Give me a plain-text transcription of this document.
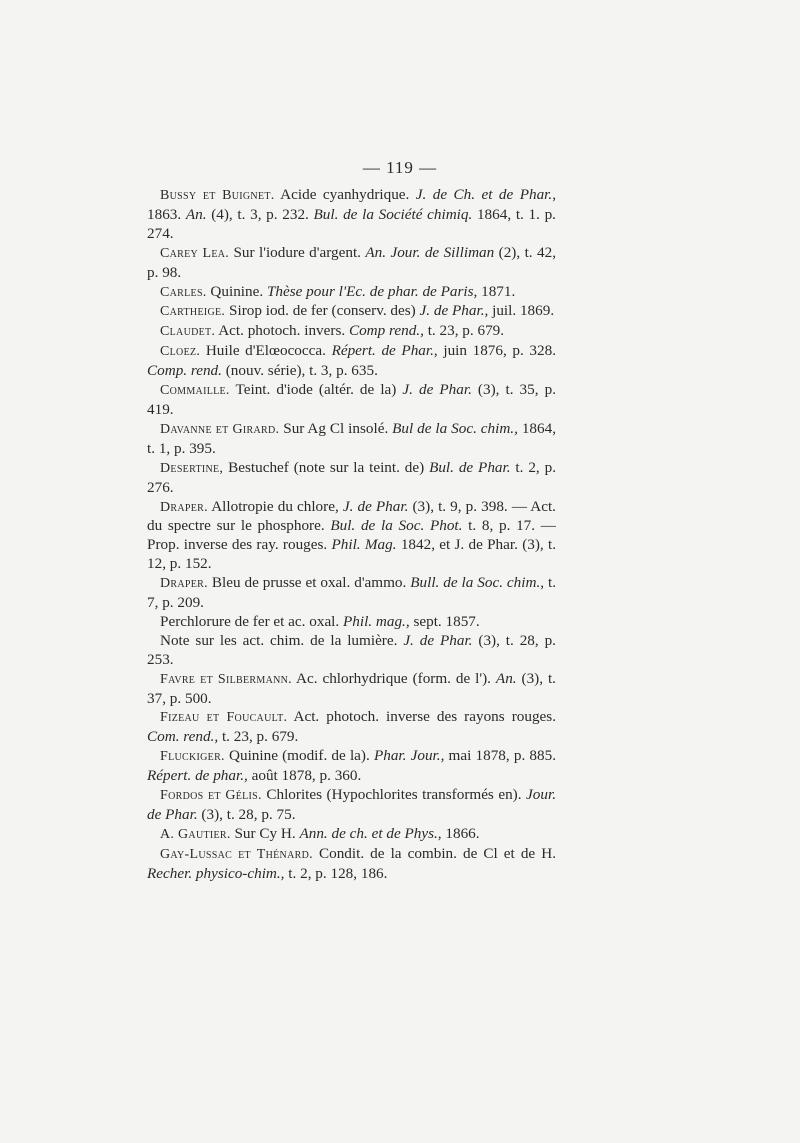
— 119 —

Bussy et Buignet. Acide cyanhydrique. J. de Ch. et de Phar., 1863. An. (4), t. 3, p. 232. Bul. de la Société chimiq. 1864, t. 1. p. 274.

Carey Lea. Sur l'iodure d'argent. An. Jour. de Silliman (2), t. 42, p. 98.

Carles. Quinine. Thèse pour l'Ec. de phar. de Paris, 1871.

Cartheige. Sirop iod. de fer (conserv. des) J. de Phar., juil. 1869.

Claudet. Act. photoch. invers. Comp rend., t. 23, p. 679.

Cloez. Huile d'Elœococca. Répert. de Phar., juin 1876, p. 328. Comp. rend. (nouv. série), t. 3, p. 635.

Commaille. Teint. d'iode (altér. de la) J. de Phar. (3), t. 35, p. 419.

Davanne et Girard. Sur Ag Cl insolé. Bul de la Soc. chim., 1864, t. 1, p. 395.

Desertine, Bestuchef (note sur la teint. de) Bul. de Phar. t. 2, p. 276.

Draper. Allotropie du chlore, J. de Phar. (3), t. 9, p. 398. — Act. du spectre sur le phosphore. Bul. de la Soc. Phot. t. 8, p. 17. — Prop. inverse des ray. rouges. Phil. Mag. 1842, et J. de Phar. (3), t. 12, p. 152.

Draper. Bleu de prusse et oxal. d'ammo. Bull. de la Soc. chim., t. 7, p. 209.

Perchlorure de fer et ac. oxal. Phil. mag., sept. 1857.

Note sur les act. chim. de la lumière. J. de Phar. (3), t. 28, p. 253.

Favre et Silbermann. Ac. chlorhydrique (form. de l'). An. (3), t. 37, p. 500.

Fizeau et Foucault. Act. photoch. inverse des rayons rouges. Com. rend., t. 23, p. 679.

Fluckiger. Quinine (modif. de la). Phar. Jour., mai 1878, p. 885. Répert. de phar., août 1878, p. 360.

Fordos et Gélis. Chlorites (Hypochlorites transformés en). Jour. de Phar. (3), t. 28, p. 75.

A. Gautier. Sur Cy H. Ann. de ch. et de Phys., 1866.

Gay-Lussac et Thénard. Condit. de la combin. de Cl et de H. Recher. physico-chim., t. 2, p. 128, 186.
